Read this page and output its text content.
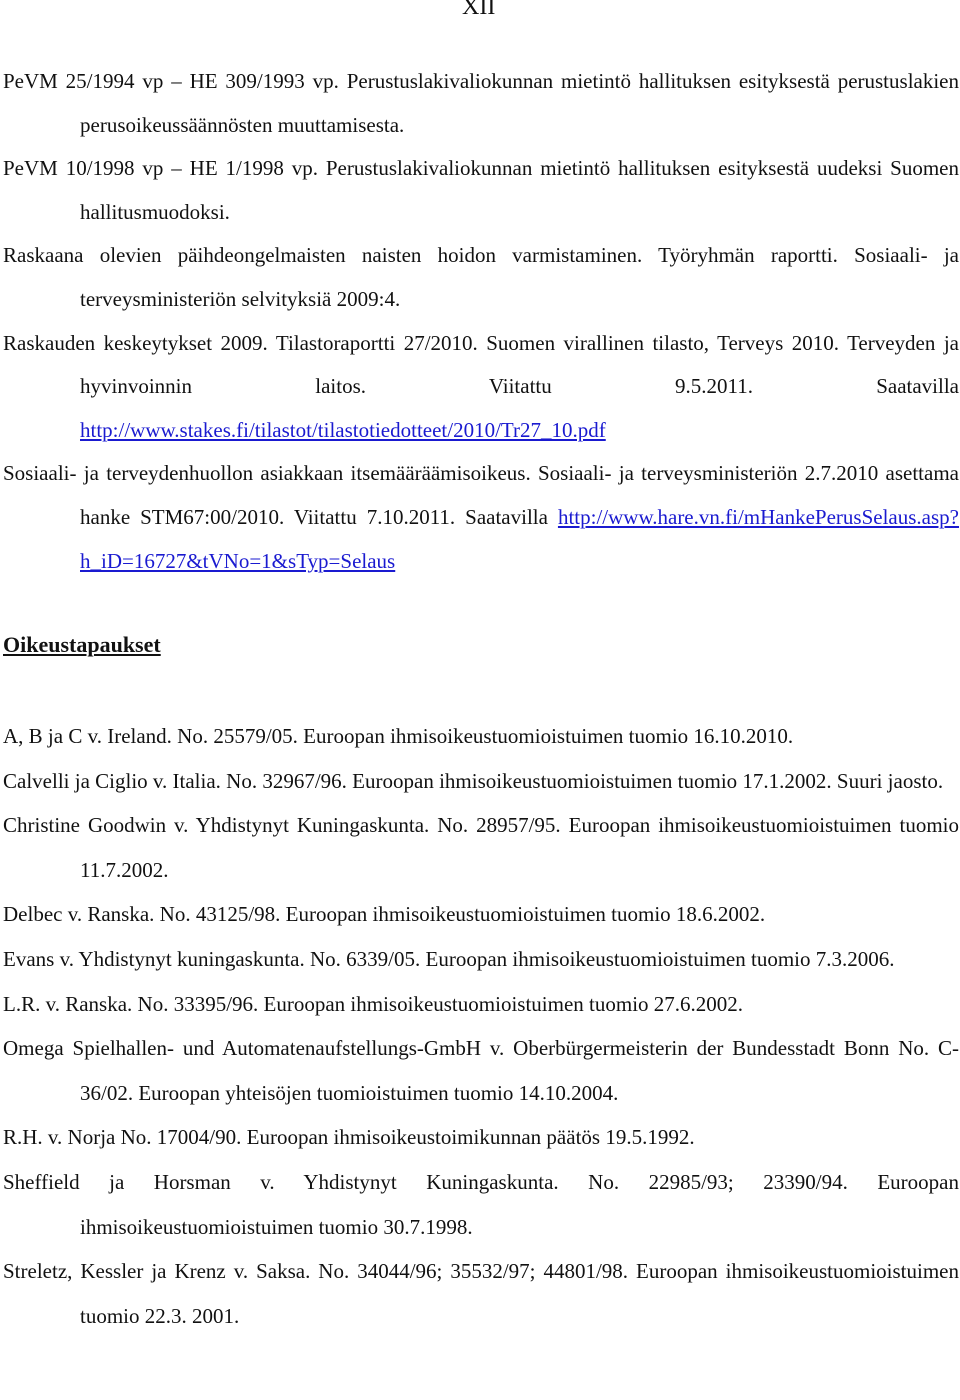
XII
PeVM 25/1994 vp – HE 309/1993 vp. Perustuslakivaliokunnan mietintö hallituksen esityksestä perustuslakien perusoikeussäännösten muuttamisesta.
PeVM 10/1998 vp – HE 1/1998 vp. Perustuslakivaliokunnan mietintö hallituksen esityksestä uudeksi Suomen hallitusmuodoksi.
Raskaana olevien päihdeongelmaisten naisten hoidon varmistaminen. Työryhmän raportti. Sosiaali- ja terveysministeriön selvityksiä 2009:4.
Raskauden keskeytykset 2009. Tilastoraportti 27/2010. Suomen virallinen tilasto, Terveys 2010. Terveyden ja hyvinvoinnin laitos. Viitattu 9.5.2011. Saatavilla http://www.stakes.fi/tilastot/tilastotiedotteet/2010/Tr27_10.pdf
Sosiaali- ja terveydenhuollon asiakkaan itsemääräämisoikeus. Sosiaali- ja terveysministeriön 2.7.2010 asettama hanke STM67:00/2010. Viitattu 7.10.2011. Saatavilla http://www.hare.vn.fi/mHankePerusSelaus.asp?h_iD=16727&tVNo=1&sTyp=Selaus
Oikeustapaukset
A, B ja C v. Ireland. No. 25579/05. Euroopan ihmisoikeustuomioistuimen tuomio 16.10.2010.
Calvelli ja Ciglio v. Italia. No. 32967/96. Euroopan ihmisoikeustuomioistuimen tuomio 17.1.2002. Suuri jaosto.
Christine Goodwin v. Yhdistynyt Kuningaskunta. No. 28957/95. Euroopan ihmisoikeustuomioistuimen tuomio 11.7.2002.
Delbec v. Ranska. No. 43125/98. Euroopan ihmisoikeustuomioistuimen tuomio 18.6.2002.
Evans v. Yhdistynyt kuningaskunta. No. 6339/05. Euroopan ihmisoikeustuomioistuimen tuomio 7.3.2006.
L.R. v. Ranska. No. 33395/96. Euroopan ihmisoikeustuomioistuimen tuomio 27.6.2002.
Omega Spielhallen- und Automatenaufstellungs-GmbH v. Oberbürgermeisterin der Bundesstadt Bonn No. C-36/02. Euroopan yhteisöjen tuomioistuimen tuomio 14.10.2004.
R.H. v. Norja No. 17004/90. Euroopan ihmisoikeustoimikunnan päätös 19.5.1992.
Sheffield ja Horsman v. Yhdistynyt Kuningaskunta. No. 22985/93; 23390/94. Euroopan ihmisoikeustuomioistuimen tuomio 30.7.1998.
Streletz, Kessler ja Krenz v. Saksa. No. 34044/96; 35532/97; 44801/98. Euroopan ihmisoikeustuomioistuimen tuomio 22.3. 2001.
